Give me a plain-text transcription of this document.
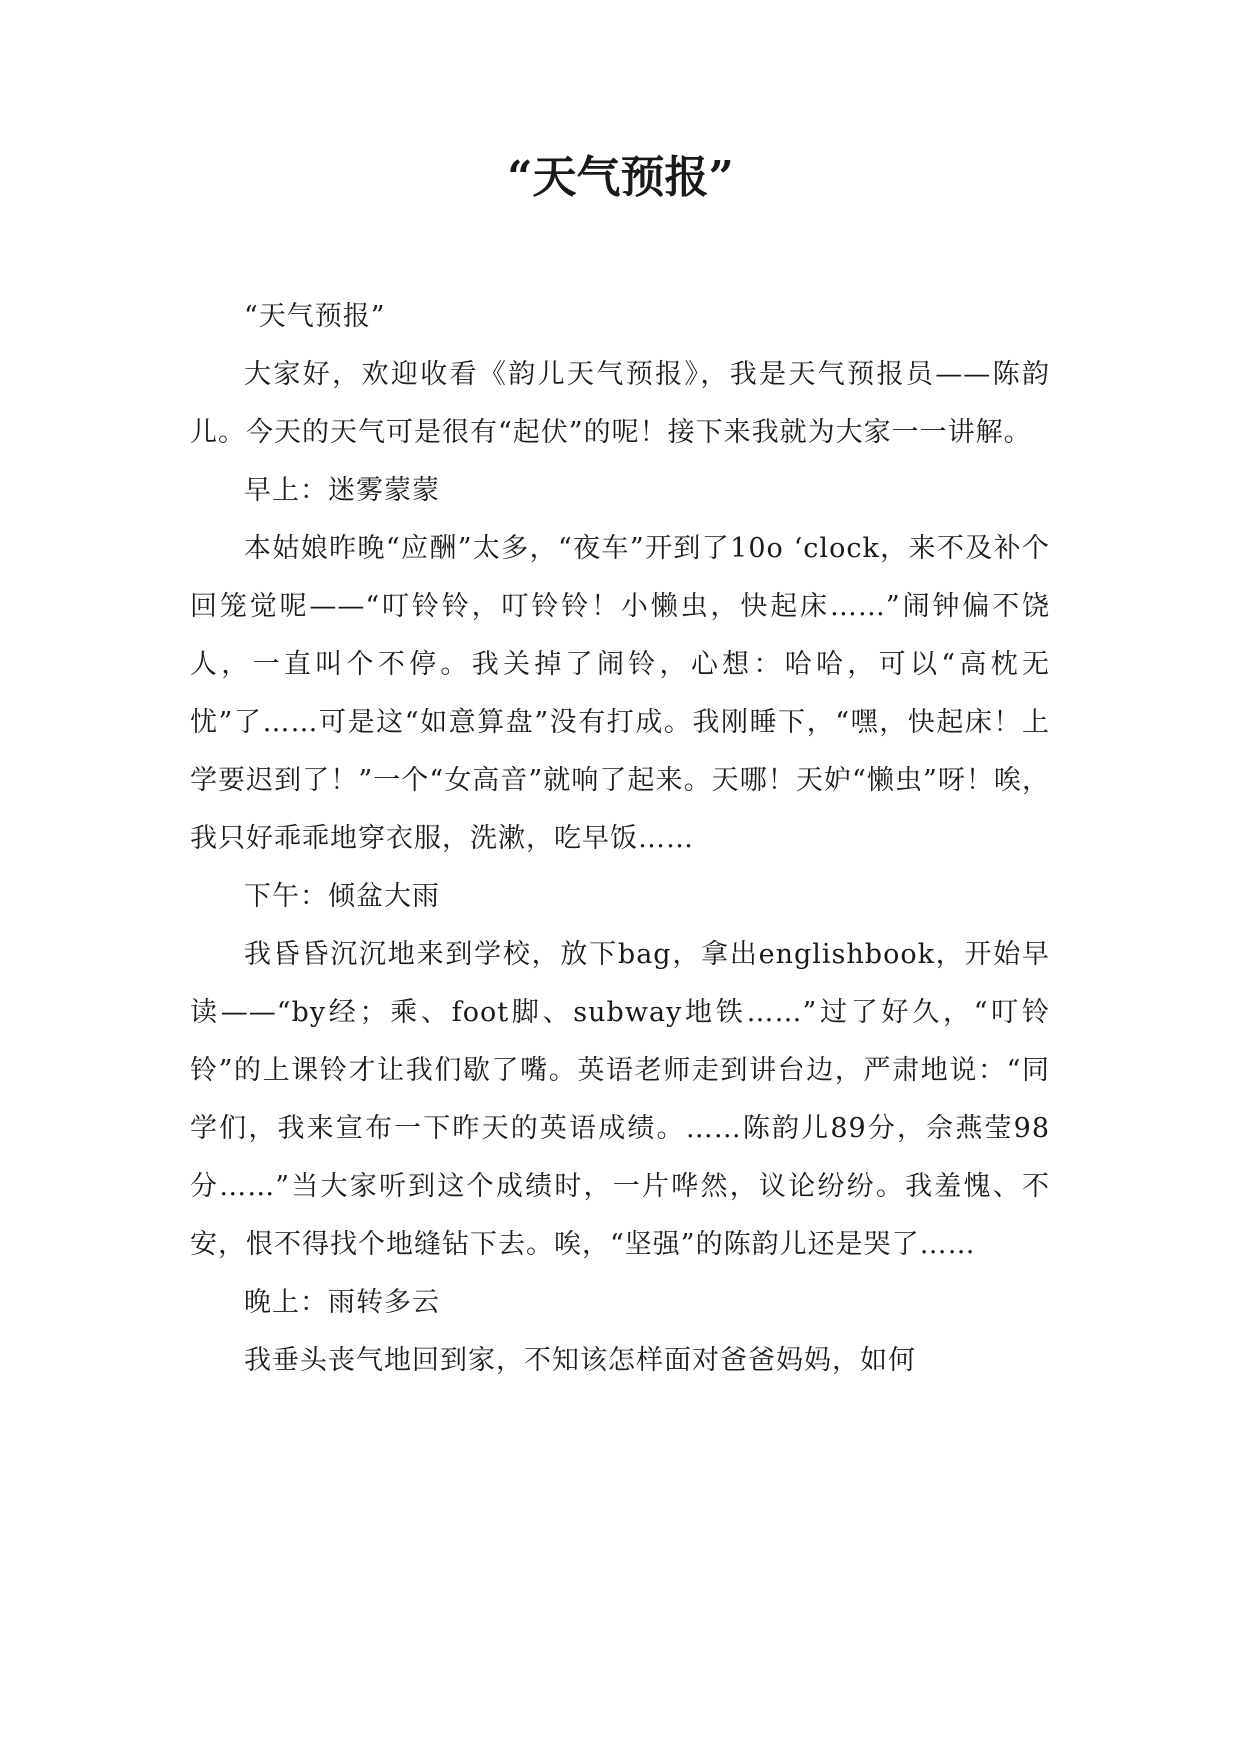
“天气预报”

“天气预报”

大家好，欢迎收看《韵儿天气预报》，我是天气预报员——陈韵儿。今天的天气可是很有“起伏”的呢！接下来我就为大家一一讲解。

早上：迷雾蒙蒙

本姑娘昨晚“应酬”太多，“夜车”开到了10o ‘clock，来不及补个回笼觉呢——“叮铃铃，叮铃铃！小懒虫，快起床……”闹钟偏不饶人，一直叫个不停。我关掉了闹铃，心想：哈哈，可以“高枕无忧”了……可是这“如意算盘”没有打成。我刚睡下，“嘿，快起床！上学要迟到了！”一个“女高音”就响了起来。天哪！天妒“懒虫”呀！唉，我只好乖乖地穿衣服，洗漱，吃早饭……

下午：倾盆大雨

我昏昏沉沉地来到学校，放下bag，拿出englishbook，开始早读——“by经；乘、foot脚、subway地铁……”过了好久，“叮铃铃”的上课铃才让我们歇了嘴。英语老师走到讲台边，严肃地说：“同学们，我来宣布一下昨天的英语成绩。……陈韵儿89分，佘燕莹98分……”当大家听到这个成绩时，一片哗然，议论纷纷。我羞愧、不安，恨不得找个地缝钻下去。唉，“坚强”的陈韵儿还是哭了……

晚上：雨转多云

我垂头丧气地回到家，不知该怎样面对爸爸妈妈，如何
